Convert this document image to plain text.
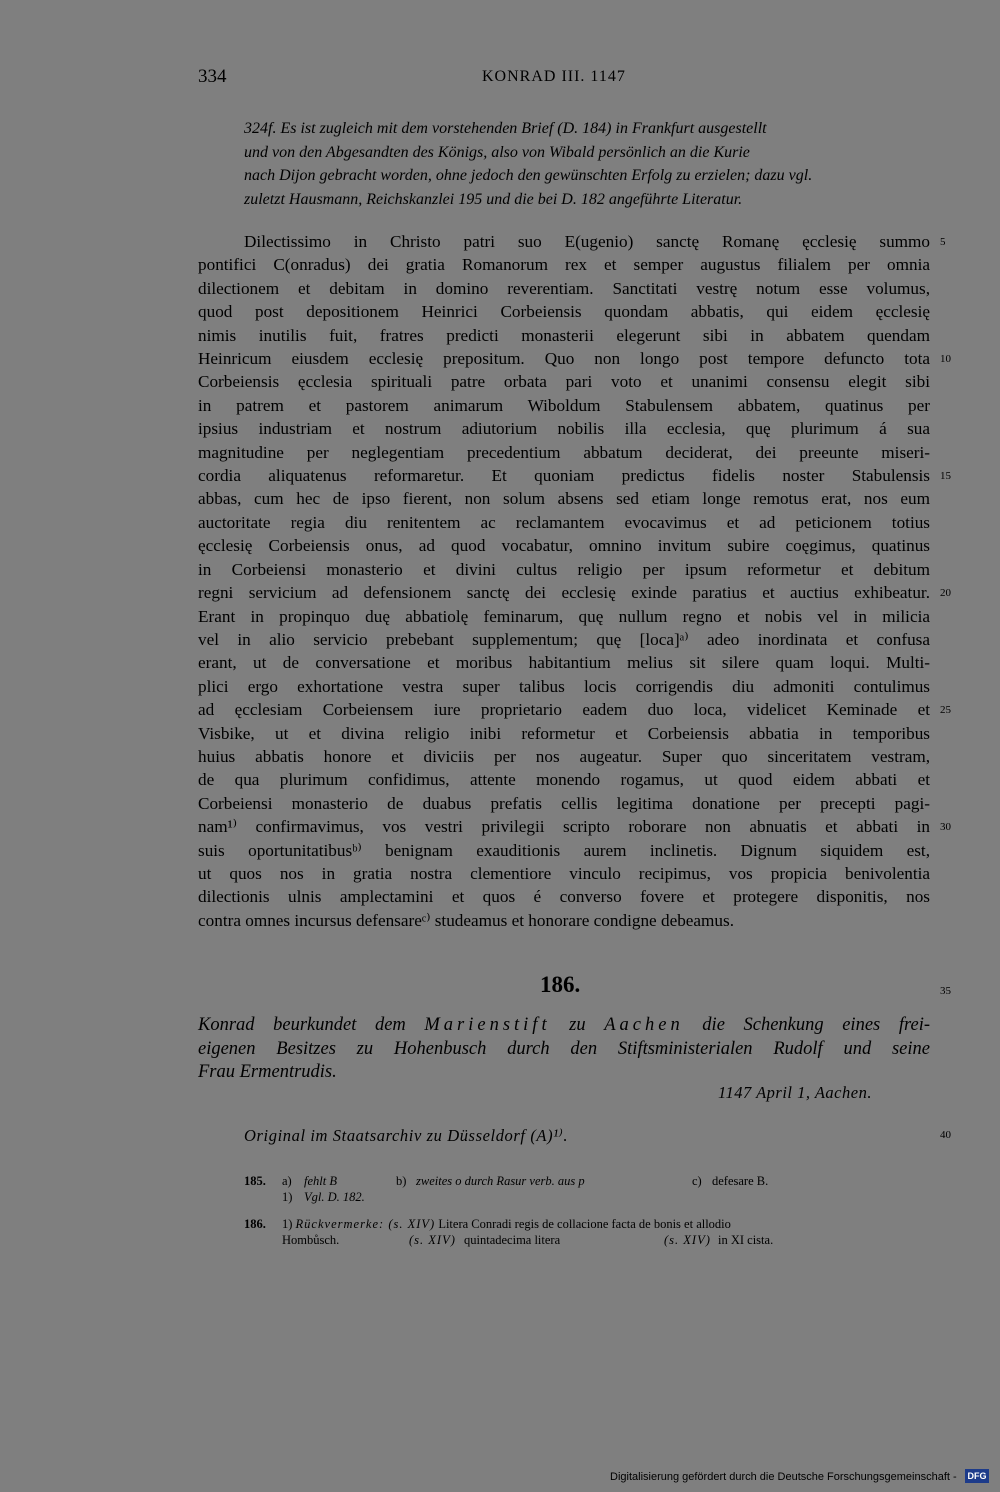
334	KONRAD III. 1147
324f. Es ist zugleich mit dem vorstehenden Brief (D. 184) in Frankfurt ausgestellt
und von den Abgesandten des Königs, also von Wibald persönlich an die Kurie
nach Dijon gebracht worden, ohne jedoch den gewünschten Erfolg zu erzielen; dazu vgl.
zuletzt Hausmann, Reichskanzlei 195 und die bei D. 182 angeführte Literatur.
Dilectissimo in Christo patri suo E(ugenio) sanctę Romanę ęcclesię summo
pontifici C(onradus) dei gratia Romanorum rex et semper augustus filialem per omnia
dilectionem et debitam in domino reverentiam. Sanctitati vestrę notum esse volumus,
quod post depositionem Heinrici Corbeiensis quondam abbatis, qui eidem ęcclesię
nimis inutilis fuit, fratres predicti monasterii elegerunt sibi in abbatem quendam
Heinricum eiusdem ecclesię prepositum. Quo non longo post tempore defuncto tota
Corbeiensis ęcclesia spirituali patre orbata pari voto et unanimi consensu elegit sibi
in patrem et pastorem animarum Wiboldum Stabulensem abbatem, quatinus per
ipsius industriam et nostrum adiutorium nobilis illa ecclesia, quę plurimum á sua
magnitudine per neglegentiam precedentium abbatum deciderat, dei preeunte miseri-
cordia aliquatenus reformaretur. Et quoniam predictus fidelis noster Stabulensis
abbas, cum hec de ipso fierent, non solum absens sed etiam longe remotus erat, nos eum
auctoritate regia diu renitentem ac reclamantem evocavimus et ad peticionem totius
ęcclesię Corbeiensis onus, ad quod vocabatur, omnino invitum subire coęgimus, quatinus
in Corbeiensi monasterio et divini cultus religio per ipsum reformetur et debitum
regni servicium ad defensionem sanctę dei ecclesię exinde paratius et auctius exhibeatur.
Erant in propinquo duę abbatiolę feminarum, quę nullum regno et nobis vel in milicia
vel in alio servicio prebebant supplementum; quę [loca]ᵃ⁾ adeo inordinata et confusa
erant, ut de conversatione et moribus habitantium melius sit silere quam loqui. Multi-
plici ergo exhortatione vestra super talibus locis corrigendis diu admoniti contulimus
ad ęcclesiam Corbeiensem iure proprietario eadem duo loca, videlicet Keminade et
Visbike, ut et divina religio inibi reformetur et Corbeiensis abbatia in temporibus
huius abbatis honore et diviciis per nos augeatur. Super quo sinceritatem vestram,
de qua plurimum confidimus, attente monendo rogamus, ut quod eidem abbati et
Corbeiensi monasterio de duabus prefatis cellis legitima donatione per precepti pagi-
nam¹⁾ confirmavimus, vos vestri privilegii scripto roborare non abnuatis et abbati in
suis oportunitatibusᵇ⁾ benignam exauditionis aurem inclinetis. Dignum siquidem est,
ut quos nos in gratia nostra clementiore vinculo recipimus, vos propicia benivolentia
dilectionis ulnis amplectamini et quos é converso fovere et protegere disponitis, nos
contra omnes incursus defensareᶜ⁾ studeamus et honorare condigne debeamus.
5
10
15
20
25
30
35
40
186.
Konrad beurkundet dem Marienstift zu Aachen die Schenkung eines frei-
eigenen Besitzes zu Hohenbusch durch den Stiftsministerialen Rudolf und seine
Frau Ermentrudis.
1147 April 1, Aachen.
Original im Staatsarchiv zu Düsseldorf (A)¹⁾.
185. a) fehlt B	b) zweites o durch Rasur verb. aus p	c) defesare B.
1) Vgl. D. 182.
186. 1) Rückvermerke: (s. XIV) Litera Conradi regis de collacione facta de bonis et allodio
Hombůsch.	(s. XIV) quintadecima litera	(s. XIV) in XI cista.
Digitalisierung gefördert durch die Deutsche Forschungsgemeinschaft - DFG
